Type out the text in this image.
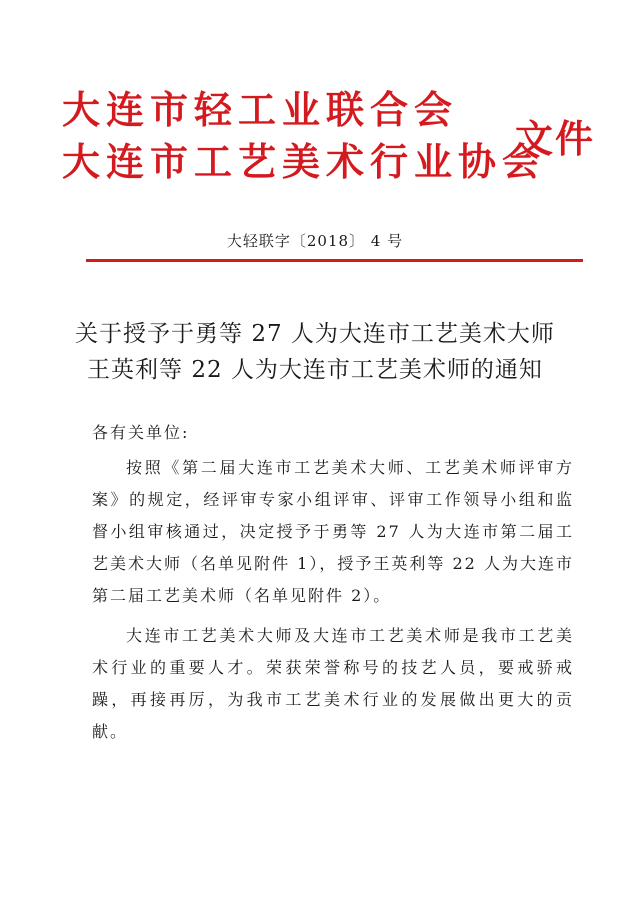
大连市轻工业联合会
大连市工艺美术行业协会
文件
大轻联字〔2018〕 4 号
关于授予于勇等 27 人为大连市工艺美术大师
王英利等 22 人为大连市工艺美术师的通知
各有关单位:
按照《第二届大连市工艺美术大师、工艺美术师评审方案》的规定，经评审专家小组评审、评审工作领导小组和监督小组审核通过，决定授予于勇等 27 人为大连市第二届工艺美术大师（名单见附件 1），授予王英利等 22 人为大连市第二届工艺美术师（名单见附件 2）。
大连市工艺美术大师及大连市工艺美术师是我市工艺美术行业的重要人才。荣获荣誉称号的技艺人员，要戒骄戒躁，再接再厉，为我市工艺美术行业的发展做出更大的贡献。
